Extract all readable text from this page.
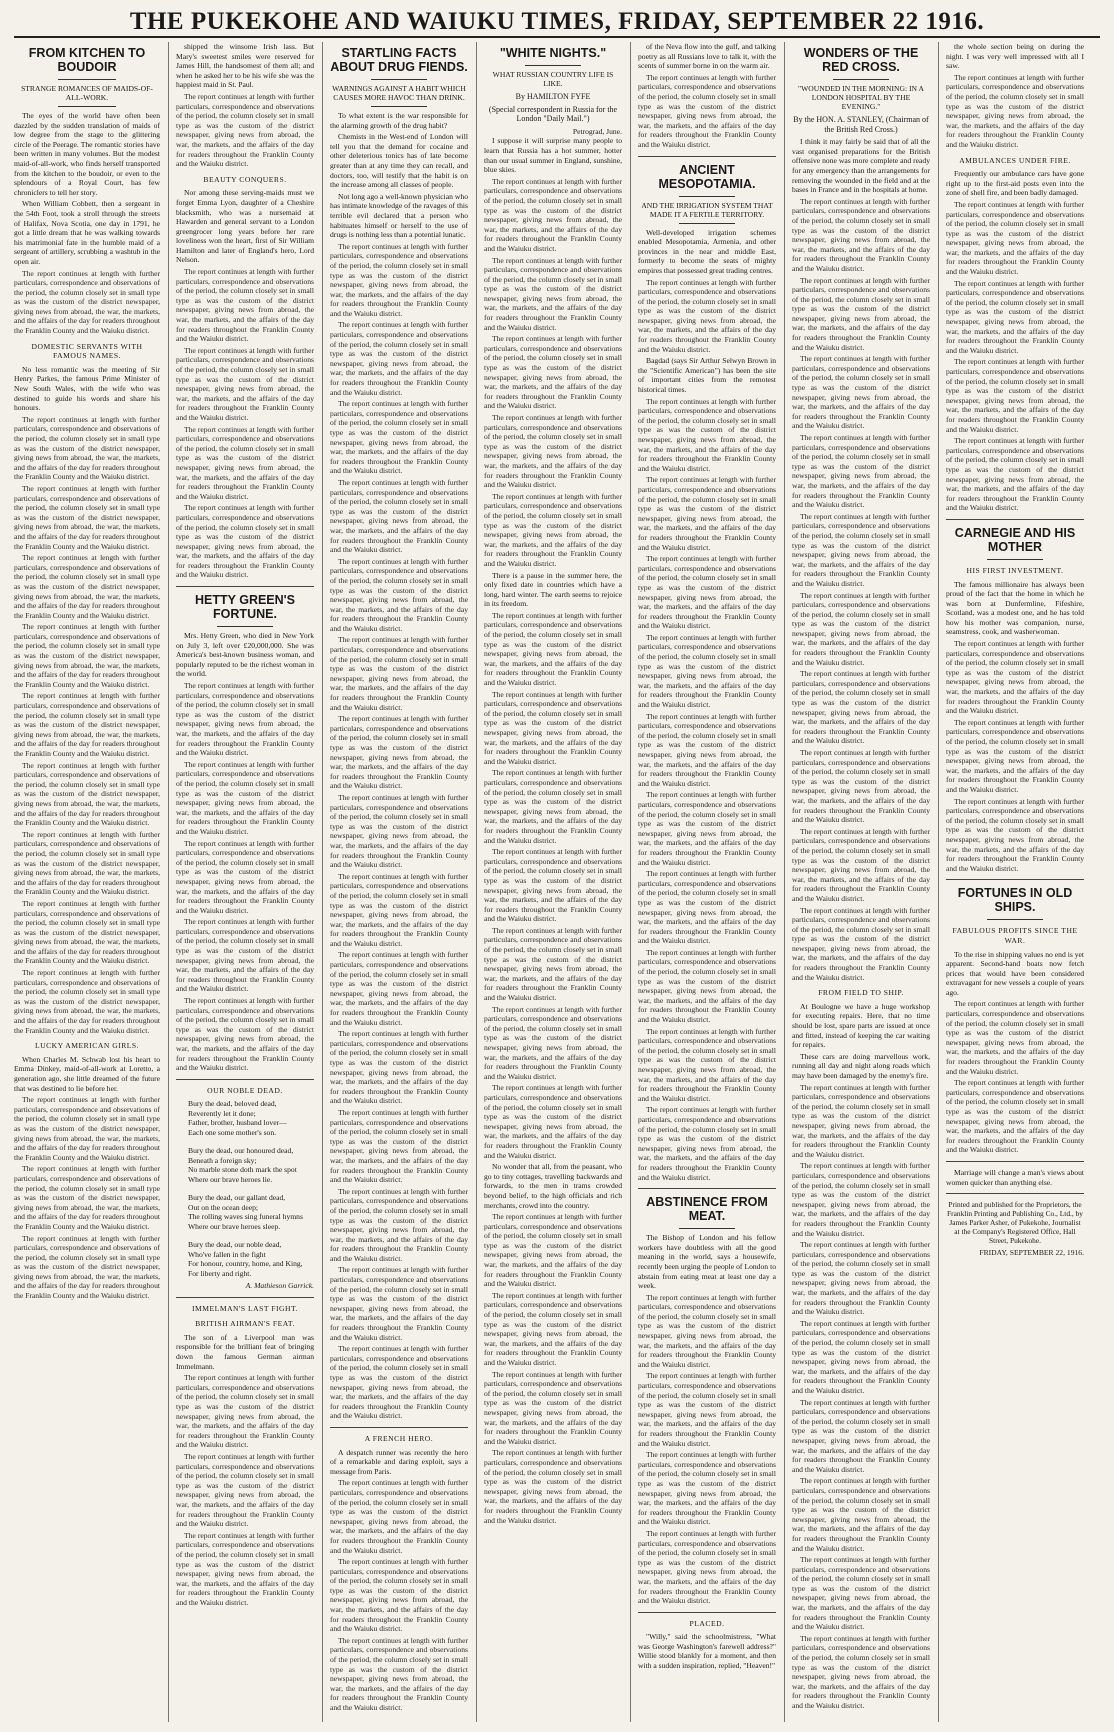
THE PUKEKOHE AND WAIUKU TIMES, FRIDAY, SEPTEMBER 22 1916.
FROM KITCHEN TO BOUDOIR
STRANGE ROMANCES OF MAIDS-OF-ALL-WORK.

The eyes of the world have often been dazzled by the sudden translation of maids of low degree from the stage to the glittering circle of the Peerage. The romantic stories have been written in many volumes. But the modest maid-of-all-work, who finds herself transported from the kitchen to the boudoir, or even to the splendours of a Royal Court, has few chroniclers to tell her story.

When William Cobbett, then a sergeant in the 54th Foot, took a stroll through the streets of Halifax, Nova Scotia, one day in 1791, he got a little dream that he was walking towards his matrimonial fate in the humble maid of a sergeant of artillery, scrubbing a washtub in the open air.

The report continues at length with further particulars, correspondence and observations of the period, the column closely set in small type as was the custom of the district newspaper, giving news from abroad, the war, the markets, and the affairs of the day for readers throughout the Franklin County and the Waiuku district.

DOMESTIC SERVANTS WITH FAMOUS NAMES.

No less romantic was the meeting of Sir Henry Parkes, the famous Prime Minister of New South Wales, with the wife who was destined to guide his words and share his honours.

The report continues at length with further particulars, correspondence and observations of the period, the column closely set in small type as was the custom of the district newspaper, giving news from abroad, the war, the markets, and the affairs of the day for readers throughout the Franklin County and the Waiuku district.

The report continues at length with further particulars, correspondence and observations of the period, the column closely set in small type as was the custom of the district newspaper, giving news from abroad, the war, the markets, and the affairs of the day for readers throughout the Franklin County and the Waiuku district.

The report continues at length with further particulars, correspondence and observations of the period, the column closely set in small type as was the custom of the district newspaper, giving news from abroad, the war, the markets, and the affairs of the day for readers throughout the Franklin County and the Waiuku district.

The report continues at length with further particulars, correspondence and observations of the period, the column closely set in small type as was the custom of the district newspaper, giving news from abroad, the war, the markets, and the affairs of the day for readers throughout the Franklin County and the Waiuku district.

The report continues at length with further particulars, correspondence and observations of the period, the column closely set in small type as was the custom of the district newspaper, giving news from abroad, the war, the markets, and the affairs of the day for readers throughout the Franklin County and the Waiuku district.

The report continues at length with further particulars, correspondence and observations of the period, the column closely set in small type as was the custom of the district newspaper, giving news from abroad, the war, the markets, and the affairs of the day for readers throughout the Franklin County and the Waiuku district.

The report continues at length with further particulars, correspondence and observations of the period, the column closely set in small type as was the custom of the district newspaper, giving news from abroad, the war, the markets, and the affairs of the day for readers throughout the Franklin County and the Waiuku district.

The report continues at length with further particulars, correspondence and observations of the period, the column closely set in small type as was the custom of the district newspaper, giving news from abroad, the war, the markets, and the affairs of the day for readers throughout the Franklin County and the Waiuku district.

The report continues at length with further particulars, correspondence and observations of the period, the column closely set in small type as was the custom of the district newspaper, giving news from abroad, the war, the markets, and the affairs of the day for readers throughout the Franklin County and the Waiuku district.

LUCKY AMERICAN GIRLS.

When Charles M. Schwab lost his heart to Emma Dinkey, maid-of-all-work at Loretto, a generation ago, she little dreamed of the future that was destined to lie before her.

The report continues at length with further particulars, correspondence and observations of the period, the column closely set in small type as was the custom of the district newspaper, giving news from abroad, the war, the markets, and the affairs of the day for readers throughout the Franklin County and the Waiuku district.

The report continues at length with further particulars, correspondence and observations of the period, the column closely set in small type as was the custom of the district newspaper, giving news from abroad, the war, the markets, and the affairs of the day for readers throughout the Franklin County and the Waiuku district.

The report continues at length with further particulars, correspondence and observations of the period, the column closely set in small type as was the custom of the district newspaper, giving news from abroad, the war, the markets, and the affairs of the day for readers throughout the Franklin County and the Waiuku district.

shipped the winsome Irish lass. But Mary's sweetest smiles were reserved for James Hill, the handsomest of them all; and when he asked her to be his wife she was the happiest maid in St. Paul.

The report continues at length with further particulars, correspondence and observations of the period, the column closely set in small type as was the custom of the district newspaper, giving news from abroad, the war, the markets, and the affairs of the day for readers throughout the Franklin County and the Waiuku district.

BEAUTY CONQUERS.

Nor among these serving-maids must we forget Emma Lyon, daughter of a Cheshire blacksmith, who was a nursemaid at Hawarden and general servant to a London greengrocer long years before her rare loveliness won the heart, first of Sir William Hamilton and later of England's hero, Lord Nelson.

The report continues at length with further particulars, correspondence and observations of the period, the column closely set in small type as was the custom of the district newspaper, giving news from abroad, the war, the markets, and the affairs of the day for readers throughout the Franklin County and the Waiuku district.

The report continues at length with further particulars, correspondence and observations of the period, the column closely set in small type as was the custom of the district newspaper, giving news from abroad, the war, the markets, and the affairs of the day for readers throughout the Franklin County and the Waiuku district.

The report continues at length with further particulars, correspondence and observations of the period, the column closely set in small type as was the custom of the district newspaper, giving news from abroad, the war, the markets, and the affairs of the day for readers throughout the Franklin County and the Waiuku district.

The report continues at length with further particulars, correspondence and observations of the period, the column closely set in small type as was the custom of the district newspaper, giving news from abroad, the war, the markets, and the affairs of the day for readers throughout the Franklin County and the Waiuku district.

HETTY GREEN'S FORTUNE.

Mrs. Hetty Green, who died in New York on July 3, left over £20,000,000. She was America's best-known business woman, and popularly reputed to be the richest woman in the world.

The report continues at length with further particulars, correspondence and observations of the period, the column closely set in small type as was the custom of the district newspaper, giving news from abroad, the war, the markets, and the affairs of the day for readers throughout the Franklin County and the Waiuku district.

The report continues at length with further particulars, correspondence and observations of the period, the column closely set in small type as was the custom of the district newspaper, giving news from abroad, the war, the markets, and the affairs of the day for readers throughout the Franklin County and the Waiuku district.

The report continues at length with further particulars, correspondence and observations of the period, the column closely set in small type as was the custom of the district newspaper, giving news from abroad, the war, the markets, and the affairs of the day for readers throughout the Franklin County and the Waiuku district.

The report continues at length with further particulars, correspondence and observations of the period, the column closely set in small type as was the custom of the district newspaper, giving news from abroad, the war, the markets, and the affairs of the day for readers throughout the Franklin County and the Waiuku district.

The report continues at length with further particulars, correspondence and observations of the period, the column closely set in small type as was the custom of the district newspaper, giving news from abroad, the war, the markets, and the affairs of the day for readers throughout the Franklin County and the Waiuku district.

OUR NOBLE DEAD.
Bury the dead, beloved dead,
Reverently let it done;
Father, brother, husband lover—
Each one some mother's son.

Bury the dead, our honoured dead,
Beneath a foreign sky;
No marble stone doth mark the spot
Where our brave heroes lie.

Bury the dead, our gallant dead,
Out on the ocean deep;
The rolling waves sing funeral hymns
Where our brave heroes sleep.

Bury the dead, our noble dead,
Who've fallen in the fight
For honour, country, home, and King,
For liberty and right.
A. Mathieson Garrick.
IMMELMAN'S LAST FIGHT.
BRITISH AIRMAN'S FEAT.

The son of a Liverpool man was responsible for the brilliant feat of bringing down the famous German airman Immelmann.

The report continues at length with further particulars, correspondence and observations of the period, the column closely set in small type as was the custom of the district newspaper, giving news from abroad, the war, the markets, and the affairs of the day for readers throughout the Franklin County and the Waiuku district.

The report continues at length with further particulars, correspondence and observations of the period, the column closely set in small type as was the custom of the district newspaper, giving news from abroad, the war, the markets, and the affairs of the day for readers throughout the Franklin County and the Waiuku district.

The report continues at length with further particulars, correspondence and observations of the period, the column closely set in small type as was the custom of the district newspaper, giving news from abroad, the war, the markets, and the affairs of the day for readers throughout the Franklin County and the Waiuku district.

STARTLING FACTS ABOUT DRUG FIENDS.
WARNINGS AGAINST A HABIT WHICH CAUSES MORE HAVOC THAN DRINK.

To what extent is the war responsible for the alarming growth of the drug habit?

Chemists in the West-end of London will tell you that the demand for cocaine and other deleterious tonics has of late become greater than at any time they can recall, and doctors, too, will testify that the habit is on the increase among all classes of people.

Not long ago a well-known physician who has intimate knowledge of the ravages of this terrible evil declared that a person who habituates himself or herself to the use of drugs is nothing less than a potential lunatic.

The report continues at length with further particulars, correspondence and observations of the period, the column closely set in small type as was the custom of the district newspaper, giving news from abroad, the war, the markets, and the affairs of the day for readers throughout the Franklin County and the Waiuku district.

The report continues at length with further particulars, correspondence and observations of the period, the column closely set in small type as was the custom of the district newspaper, giving news from abroad, the war, the markets, and the affairs of the day for readers throughout the Franklin County and the Waiuku district.

The report continues at length with further particulars, correspondence and observations of the period, the column closely set in small type as was the custom of the district newspaper, giving news from abroad, the war, the markets, and the affairs of the day for readers throughout the Franklin County and the Waiuku district.

The report continues at length with further particulars, correspondence and observations of the period, the column closely set in small type as was the custom of the district newspaper, giving news from abroad, the war, the markets, and the affairs of the day for readers throughout the Franklin County and the Waiuku district.

The report continues at length with further particulars, correspondence and observations of the period, the column closely set in small type as was the custom of the district newspaper, giving news from abroad, the war, the markets, and the affairs of the day for readers throughout the Franklin County and the Waiuku district.

The report continues at length with further particulars, correspondence and observations of the period, the column closely set in small type as was the custom of the district newspaper, giving news from abroad, the war, the markets, and the affairs of the day for readers throughout the Franklin County and the Waiuku district.

The report continues at length with further particulars, correspondence and observations of the period, the column closely set in small type as was the custom of the district newspaper, giving news from abroad, the war, the markets, and the affairs of the day for readers throughout the Franklin County and the Waiuku district.

The report continues at length with further particulars, correspondence and observations of the period, the column closely set in small type as was the custom of the district newspaper, giving news from abroad, the war, the markets, and the affairs of the day for readers throughout the Franklin County and the Waiuku district.

The report continues at length with further particulars, correspondence and observations of the period, the column closely set in small type as was the custom of the district newspaper, giving news from abroad, the war, the markets, and the affairs of the day for readers throughout the Franklin County and the Waiuku district.

The report continues at length with further particulars, correspondence and observations of the period, the column closely set in small type as was the custom of the district newspaper, giving news from abroad, the war, the markets, and the affairs of the day for readers throughout the Franklin County and the Waiuku district.

The report continues at length with further particulars, correspondence and observations of the period, the column closely set in small type as was the custom of the district newspaper, giving news from abroad, the war, the markets, and the affairs of the day for readers throughout the Franklin County and the Waiuku district.

The report continues at length with further particulars, correspondence and observations of the period, the column closely set in small type as was the custom of the district newspaper, giving news from abroad, the war, the markets, and the affairs of the day for readers throughout the Franklin County and the Waiuku district.

The report continues at length with further particulars, correspondence and observations of the period, the column closely set in small type as was the custom of the district newspaper, giving news from abroad, the war, the markets, and the affairs of the day for readers throughout the Franklin County and the Waiuku district.

The report continues at length with further particulars, correspondence and observations of the period, the column closely set in small type as was the custom of the district newspaper, giving news from abroad, the war, the markets, and the affairs of the day for readers throughout the Franklin County and the Waiuku district.

The report continues at length with further particulars, correspondence and observations of the period, the column closely set in small type as was the custom of the district newspaper, giving news from abroad, the war, the markets, and the affairs of the day for readers throughout the Franklin County and the Waiuku district.

A FRENCH HERO.

A despatch runner was recently the hero of a remarkable and daring exploit, says a message from Paris.

The report continues at length with further particulars, correspondence and observations of the period, the column closely set in small type as was the custom of the district newspaper, giving news from abroad, the war, the markets, and the affairs of the day for readers throughout the Franklin County and the Waiuku district.

The report continues at length with further particulars, correspondence and observations of the period, the column closely set in small type as was the custom of the district newspaper, giving news from abroad, the war, the markets, and the affairs of the day for readers throughout the Franklin County and the Waiuku district.

The report continues at length with further particulars, correspondence and observations of the period, the column closely set in small type as was the custom of the district newspaper, giving news from abroad, the war, the markets, and the affairs of the day for readers throughout the Franklin County and the Waiuku district.

"WHITE NIGHTS."
WHAT RUSSIAN COUNTRY LIFE IS LIKE.
By HAMILTON FYFE
(Special correspondent in Russia for the London "Daily Mail.")
Petrograd, June.

I suppose it will surprise many people to learn that Russia has a hot summer, hotter than our usual summer in England, sunshine, blue skies.

The report continues at length with further particulars, correspondence and observations of the period, the column closely set in small type as was the custom of the district newspaper, giving news from abroad, the war, the markets, and the affairs of the day for readers throughout the Franklin County and the Waiuku district.

The report continues at length with further particulars, correspondence and observations of the period, the column closely set in small type as was the custom of the district newspaper, giving news from abroad, the war, the markets, and the affairs of the day for readers throughout the Franklin County and the Waiuku district.

The report continues at length with further particulars, correspondence and observations of the period, the column closely set in small type as was the custom of the district newspaper, giving news from abroad, the war, the markets, and the affairs of the day for readers throughout the Franklin County and the Waiuku district.

The report continues at length with further particulars, correspondence and observations of the period, the column closely set in small type as was the custom of the district newspaper, giving news from abroad, the war, the markets, and the affairs of the day for readers throughout the Franklin County and the Waiuku district.

The report continues at length with further particulars, correspondence and observations of the period, the column closely set in small type as was the custom of the district newspaper, giving news from abroad, the war, the markets, and the affairs of the day for readers throughout the Franklin County and the Waiuku district.

There is a pause in the summer here, the only fixed date in countries which have a long, hard winter. The earth seems to rejoice in its freedom.

The report continues at length with further particulars, correspondence and observations of the period, the column closely set in small type as was the custom of the district newspaper, giving news from abroad, the war, the markets, and the affairs of the day for readers throughout the Franklin County and the Waiuku district.

The report continues at length with further particulars, correspondence and observations of the period, the column closely set in small type as was the custom of the district newspaper, giving news from abroad, the war, the markets, and the affairs of the day for readers throughout the Franklin County and the Waiuku district.

The report continues at length with further particulars, correspondence and observations of the period, the column closely set in small type as was the custom of the district newspaper, giving news from abroad, the war, the markets, and the affairs of the day for readers throughout the Franklin County and the Waiuku district.

The report continues at length with further particulars, correspondence and observations of the period, the column closely set in small type as was the custom of the district newspaper, giving news from abroad, the war, the markets, and the affairs of the day for readers throughout the Franklin County and the Waiuku district.

The report continues at length with further particulars, correspondence and observations of the period, the column closely set in small type as was the custom of the district newspaper, giving news from abroad, the war, the markets, and the affairs of the day for readers throughout the Franklin County and the Waiuku district.

The report continues at length with further particulars, correspondence and observations of the period, the column closely set in small type as was the custom of the district newspaper, giving news from abroad, the war, the markets, and the affairs of the day for readers throughout the Franklin County and the Waiuku district.

The report continues at length with further particulars, correspondence and observations of the period, the column closely set in small type as was the custom of the district newspaper, giving news from abroad, the war, the markets, and the affairs of the day for readers throughout the Franklin County and the Waiuku district.

No wonder that all, from the peasant, who go to tiny cottages, travelling backwards and forwards, to the men in trams crowded beyond belief, to the high officials and rich merchants, crowd into the country.

The report continues at length with further particulars, correspondence and observations of the period, the column closely set in small type as was the custom of the district newspaper, giving news from abroad, the war, the markets, and the affairs of the day for readers throughout the Franklin County and the Waiuku district.

The report continues at length with further particulars, correspondence and observations of the period, the column closely set in small type as was the custom of the district newspaper, giving news from abroad, the war, the markets, and the affairs of the day for readers throughout the Franklin County and the Waiuku district.

The report continues at length with further particulars, correspondence and observations of the period, the column closely set in small type as was the custom of the district newspaper, giving news from abroad, the war, the markets, and the affairs of the day for readers throughout the Franklin County and the Waiuku district.

The report continues at length with further particulars, correspondence and observations of the period, the column closely set in small type as was the custom of the district newspaper, giving news from abroad, the war, the markets, and the affairs of the day for readers throughout the Franklin County and the Waiuku district.

of the Neva flow into the gulf, and talking poetry as all Russians love to talk it, with the scents of summer borne in on the warm air.

The report continues at length with further particulars, correspondence and observations of the period, the column closely set in small type as was the custom of the district newspaper, giving news from abroad, the war, the markets, and the affairs of the day for readers throughout the Franklin County and the Waiuku district.

ANCIENT MESOPOTAMIA.
AND THE IRRIGATION SYSTEM THAT MADE IT A FERTILE TERRITORY.

Well-developed irrigation schemes enabled Mesopotamia, Armenia, and other provinces in the near and middle East, formerly to become the seats of mighty empires that possessed great trading centres.

The report continues at length with further particulars, correspondence and observations of the period, the column closely set in small type as was the custom of the district newspaper, giving news from abroad, the war, the markets, and the affairs of the day for readers throughout the Franklin County and the Waiuku district.

Bagdad (says Sir Arthur Selwyn Brown in the "Scientific American") has been the site of important cities from the remotest historical times.

The report continues at length with further particulars, correspondence and observations of the period, the column closely set in small type as was the custom of the district newspaper, giving news from abroad, the war, the markets, and the affairs of the day for readers throughout the Franklin County and the Waiuku district.

The report continues at length with further particulars, correspondence and observations of the period, the column closely set in small type as was the custom of the district newspaper, giving news from abroad, the war, the markets, and the affairs of the day for readers throughout the Franklin County and the Waiuku district.

The report continues at length with further particulars, correspondence and observations of the period, the column closely set in small type as was the custom of the district newspaper, giving news from abroad, the war, the markets, and the affairs of the day for readers throughout the Franklin County and the Waiuku district.

The report continues at length with further particulars, correspondence and observations of the period, the column closely set in small type as was the custom of the district newspaper, giving news from abroad, the war, the markets, and the affairs of the day for readers throughout the Franklin County and the Waiuku district.

The report continues at length with further particulars, correspondence and observations of the period, the column closely set in small type as was the custom of the district newspaper, giving news from abroad, the war, the markets, and the affairs of the day for readers throughout the Franklin County and the Waiuku district.

The report continues at length with further particulars, correspondence and observations of the period, the column closely set in small type as was the custom of the district newspaper, giving news from abroad, the war, the markets, and the affairs of the day for readers throughout the Franklin County and the Waiuku district.

The report continues at length with further particulars, correspondence and observations of the period, the column closely set in small type as was the custom of the district newspaper, giving news from abroad, the war, the markets, and the affairs of the day for readers throughout the Franklin County and the Waiuku district.

The report continues at length with further particulars, correspondence and observations of the period, the column closely set in small type as was the custom of the district newspaper, giving news from abroad, the war, the markets, and the affairs of the day for readers throughout the Franklin County and the Waiuku district.

The report continues at length with further particulars, correspondence and observations of the period, the column closely set in small type as was the custom of the district newspaper, giving news from abroad, the war, the markets, and the affairs of the day for readers throughout the Franklin County and the Waiuku district.

The report continues at length with further particulars, correspondence and observations of the period, the column closely set in small type as was the custom of the district newspaper, giving news from abroad, the war, the markets, and the affairs of the day for readers throughout the Franklin County and the Waiuku district.

ABSTINENCE FROM MEAT.

The Bishop of London and his fellow workers have doubtless with all the good meaning in the world, says a housewife, recently been urging the people of London to abstain from eating meat at least one day a week.

The report continues at length with further particulars, correspondence and observations of the period, the column closely set in small type as was the custom of the district newspaper, giving news from abroad, the war, the markets, and the affairs of the day for readers throughout the Franklin County and the Waiuku district.

The report continues at length with further particulars, correspondence and observations of the period, the column closely set in small type as was the custom of the district newspaper, giving news from abroad, the war, the markets, and the affairs of the day for readers throughout the Franklin County and the Waiuku district.

The report continues at length with further particulars, correspondence and observations of the period, the column closely set in small type as was the custom of the district newspaper, giving news from abroad, the war, the markets, and the affairs of the day for readers throughout the Franklin County and the Waiuku district.

The report continues at length with further particulars, correspondence and observations of the period, the column closely set in small type as was the custom of the district newspaper, giving news from abroad, the war, the markets, and the affairs of the day for readers throughout the Franklin County and the Waiuku district.

PLACED.

"Willy," said the schoolmistress, "What was George Washington's farewell address?" Willie stood blankly for a moment, and then with a sudden inspiration, replied, "Heaven!"

WONDERS OF THE RED CROSS.
"WOUNDED IN THE MORNING: IN A LONDON HOSPITAL BY THE EVENING."
By the HON. A. STANLEY, (Chairman of the British Red Cross.)

I think it may fairly be said that of all the vast organised preparations for the British offensive none was more complete and ready for any emergency than the arrangements for removing the wounded in the field and at the bases in France and in the hospitals at home.

The report continues at length with further particulars, correspondence and observations of the period, the column closely set in small type as was the custom of the district newspaper, giving news from abroad, the war, the markets, and the affairs of the day for readers throughout the Franklin County and the Waiuku district.

The report continues at length with further particulars, correspondence and observations of the period, the column closely set in small type as was the custom of the district newspaper, giving news from abroad, the war, the markets, and the affairs of the day for readers throughout the Franklin County and the Waiuku district.

The report continues at length with further particulars, correspondence and observations of the period, the column closely set in small type as was the custom of the district newspaper, giving news from abroad, the war, the markets, and the affairs of the day for readers throughout the Franklin County and the Waiuku district.

The report continues at length with further particulars, correspondence and observations of the period, the column closely set in small type as was the custom of the district newspaper, giving news from abroad, the war, the markets, and the affairs of the day for readers throughout the Franklin County and the Waiuku district.

The report continues at length with further particulars, correspondence and observations of the period, the column closely set in small type as was the custom of the district newspaper, giving news from abroad, the war, the markets, and the affairs of the day for readers throughout the Franklin County and the Waiuku district.

The report continues at length with further particulars, correspondence and observations of the period, the column closely set in small type as was the custom of the district newspaper, giving news from abroad, the war, the markets, and the affairs of the day for readers throughout the Franklin County and the Waiuku district.

The report continues at length with further particulars, correspondence and observations of the period, the column closely set in small type as was the custom of the district newspaper, giving news from abroad, the war, the markets, and the affairs of the day for readers throughout the Franklin County and the Waiuku district.

The report continues at length with further particulars, correspondence and observations of the period, the column closely set in small type as was the custom of the district newspaper, giving news from abroad, the war, the markets, and the affairs of the day for readers throughout the Franklin County and the Waiuku district.

The report continues at length with further particulars, correspondence and observations of the period, the column closely set in small type as was the custom of the district newspaper, giving news from abroad, the war, the markets, and the affairs of the day for readers throughout the Franklin County and the Waiuku district.

The report continues at length with further particulars, correspondence and observations of the period, the column closely set in small type as was the custom of the district newspaper, giving news from abroad, the war, the markets, and the affairs of the day for readers throughout the Franklin County and the Waiuku district.

FROM FIELD TO SHIP.

At Boulogne we have a huge workshop for executing repairs. Here, that no time should be lost, spare parts are issued at once and fitted, instead of keeping the car waiting for repairs.

These cars are doing marvellous work, running all day and night along roads which may have been damaged by the enemy's fire.

The report continues at length with further particulars, correspondence and observations of the period, the column closely set in small type as was the custom of the district newspaper, giving news from abroad, the war, the markets, and the affairs of the day for readers throughout the Franklin County and the Waiuku district.

The report continues at length with further particulars, correspondence and observations of the period, the column closely set in small type as was the custom of the district newspaper, giving news from abroad, the war, the markets, and the affairs of the day for readers throughout the Franklin County and the Waiuku district.

The report continues at length with further particulars, correspondence and observations of the period, the column closely set in small type as was the custom of the district newspaper, giving news from abroad, the war, the markets, and the affairs of the day for readers throughout the Franklin County and the Waiuku district.

The report continues at length with further particulars, correspondence and observations of the period, the column closely set in small type as was the custom of the district newspaper, giving news from abroad, the war, the markets, and the affairs of the day for readers throughout the Franklin County and the Waiuku district.

The report continues at length with further particulars, correspondence and observations of the period, the column closely set in small type as was the custom of the district newspaper, giving news from abroad, the war, the markets, and the affairs of the day for readers throughout the Franklin County and the Waiuku district.

The report continues at length with further particulars, correspondence and observations of the period, the column closely set in small type as was the custom of the district newspaper, giving news from abroad, the war, the markets, and the affairs of the day for readers throughout the Franklin County and the Waiuku district.

The report continues at length with further particulars, correspondence and observations of the period, the column closely set in small type as was the custom of the district newspaper, giving news from abroad, the war, the markets, and the affairs of the day for readers throughout the Franklin County and the Waiuku district.

The report continues at length with further particulars, correspondence and observations of the period, the column closely set in small type as was the custom of the district newspaper, giving news from abroad, the war, the markets, and the affairs of the day for readers throughout the Franklin County and the Waiuku district.

the whole section being on during the night. I was very well impressed with all I saw.

The report continues at length with further particulars, correspondence and observations of the period, the column closely set in small type as was the custom of the district newspaper, giving news from abroad, the war, the markets, and the affairs of the day for readers throughout the Franklin County and the Waiuku district.

AMBULANCES UNDER FIRE.

Frequently our ambulance cars have gone right up to the first-aid posts even into the zone of shell fire, and been badly damaged.

The report continues at length with further particulars, correspondence and observations of the period, the column closely set in small type as was the custom of the district newspaper, giving news from abroad, the war, the markets, and the affairs of the day for readers throughout the Franklin County and the Waiuku district.

The report continues at length with further particulars, correspondence and observations of the period, the column closely set in small type as was the custom of the district newspaper, giving news from abroad, the war, the markets, and the affairs of the day for readers throughout the Franklin County and the Waiuku district.

The report continues at length with further particulars, correspondence and observations of the period, the column closely set in small type as was the custom of the district newspaper, giving news from abroad, the war, the markets, and the affairs of the day for readers throughout the Franklin County and the Waiuku district.

The report continues at length with further particulars, correspondence and observations of the period, the column closely set in small type as was the custom of the district newspaper, giving news from abroad, the war, the markets, and the affairs of the day for readers throughout the Franklin County and the Waiuku district.

CARNEGIE AND HIS MOTHER
HIS FIRST INVESTMENT.

The famous millionaire has always been proud of the fact that the home in which he was born at Dunfermline, Fifeshire, Scotland, was a modest one, and he has told how his mother was companion, nurse, seamstress, cook, and washerwoman.

The report continues at length with further particulars, correspondence and observations of the period, the column closely set in small type as was the custom of the district newspaper, giving news from abroad, the war, the markets, and the affairs of the day for readers throughout the Franklin County and the Waiuku district.

The report continues at length with further particulars, correspondence and observations of the period, the column closely set in small type as was the custom of the district newspaper, giving news from abroad, the war, the markets, and the affairs of the day for readers throughout the Franklin County and the Waiuku district.

The report continues at length with further particulars, correspondence and observations of the period, the column closely set in small type as was the custom of the district newspaper, giving news from abroad, the war, the markets, and the affairs of the day for readers throughout the Franklin County and the Waiuku district.

FORTUNES IN OLD SHIPS.
FABULOUS PROFITS SINCE THE WAR.

To the rise in shipping values no end is yet apparent. Second-hand boats now fetch prices that would have been considered extravagant for new vessels a couple of years ago.

The report continues at length with further particulars, correspondence and observations of the period, the column closely set in small type as was the custom of the district newspaper, giving news from abroad, the war, the markets, and the affairs of the day for readers throughout the Franklin County and the Waiuku district.

The report continues at length with further particulars, correspondence and observations of the period, the column closely set in small type as was the custom of the district newspaper, giving news from abroad, the war, the markets, and the affairs of the day for readers throughout the Franklin County and the Waiuku district.

Marriage will change a man's views about women quicker than anything else.

Printed and published for the Proprietors, the Franklin Printing and Publishing Co., Ltd., by James Parker Asher, of Pukekohe, Journalist at the Company's Registered Office, Hall Street, Pukekohe.
FRIDAY, SEPTEMBER 22, 1916.
